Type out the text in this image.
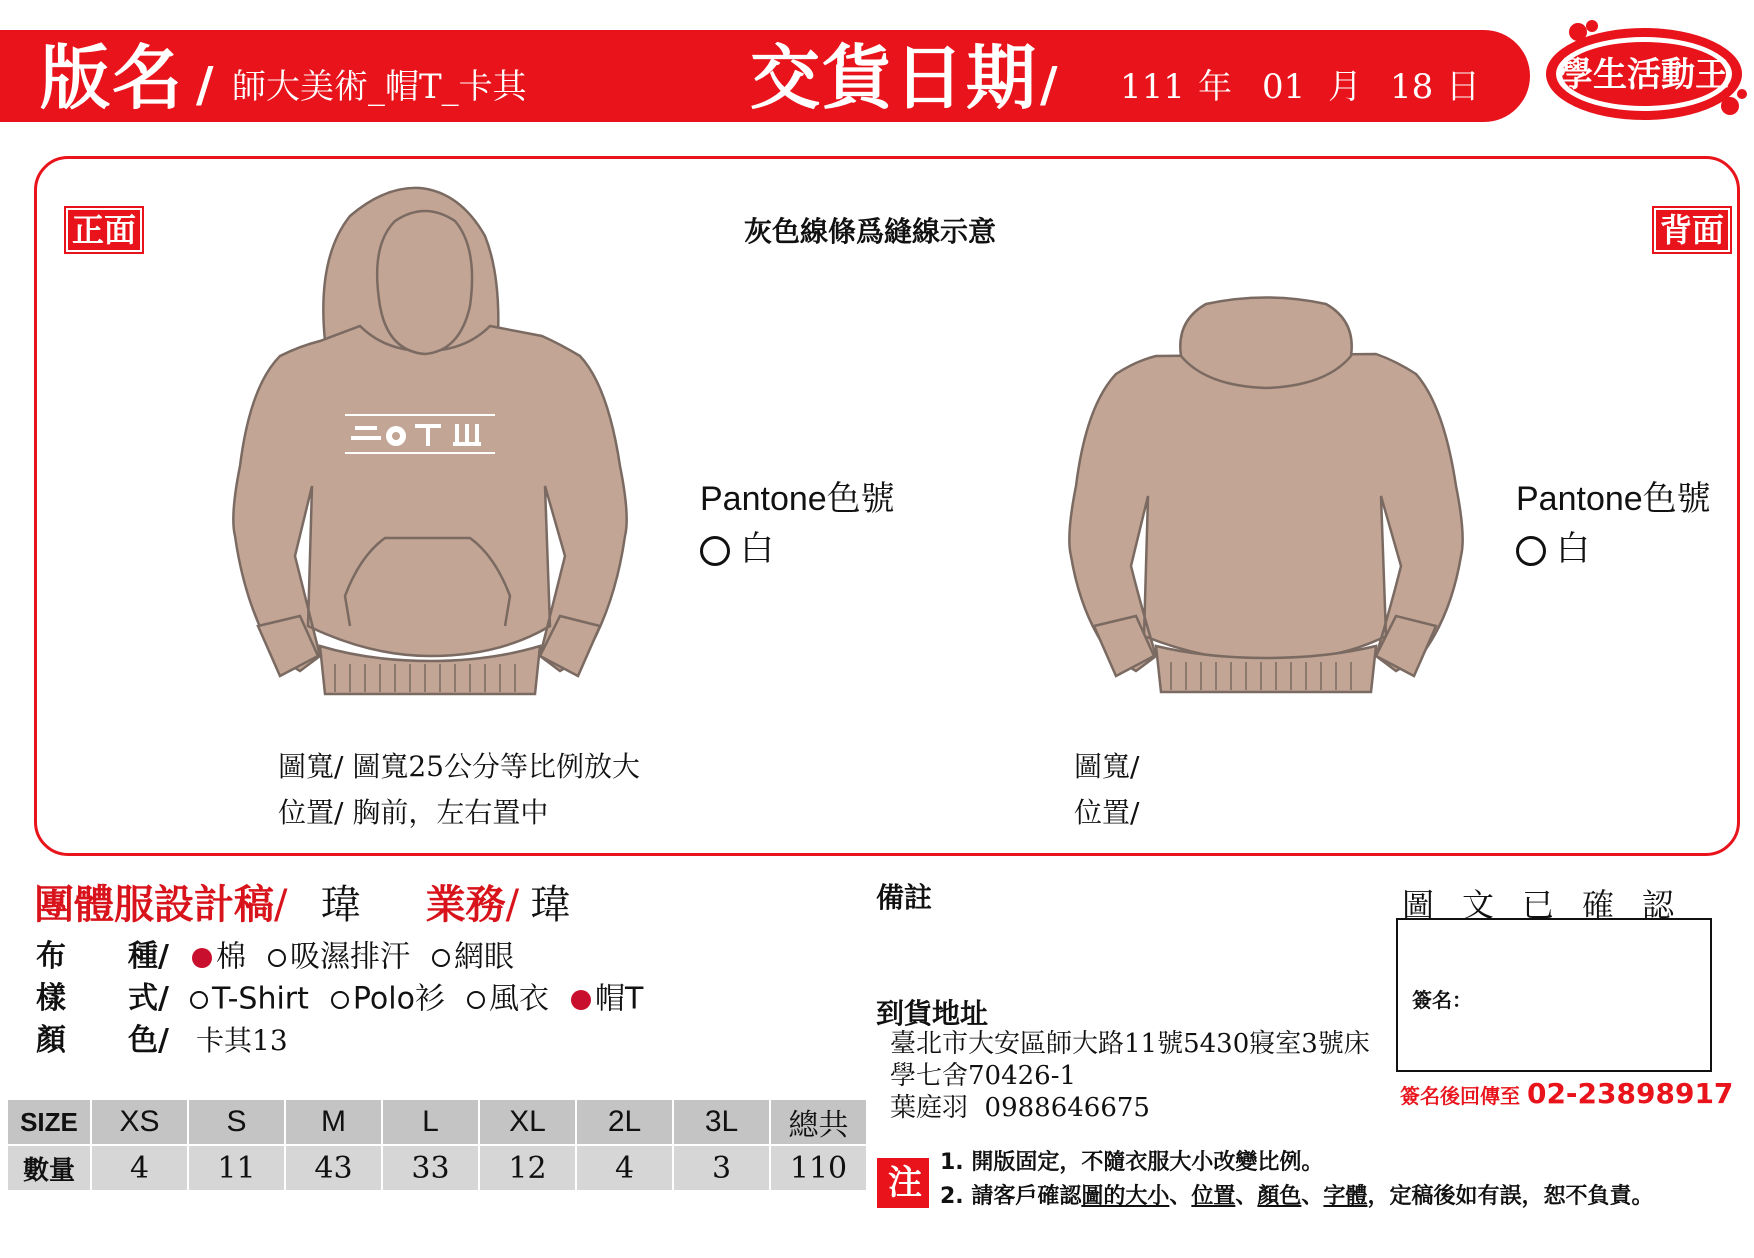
版名 / 師大美術_帽T_卡其	交貨日期 / 111 年 01 月 18 日 學生活動王
正面	背面
灰色線條爲縫線示意
Pantone色號
白
Pantone色號
白
圖寬/ 圖寬25公分等比例放大
位置/ 胸前，左右置中
圖寬/
位置/
團體服設計稿/ 瑋 業務/ 瑋
布 種/ 棉 吸濕排汗 網眼
樣 式/ T-Shirt Polo衫 風衣 帽T
顏 色/ 卡其13
SIZE	XS	S	M	L	XL	2L	3L	總共
數量	4	11	43	33	12	4	3	110
備註
到貨地址
臺北市大安區師大路11號5430寢室3號床
學七舍70426-1
葉庭羽  0988646675
圖文已確認
簽名：
簽名後回傳至 02-23898917
注意
1. 開版固定，不隨衣服大小改變比例。
2. 請客戶確認圖的大小、位置、顏色、字體，定稿後如有誤，恕不負責。
